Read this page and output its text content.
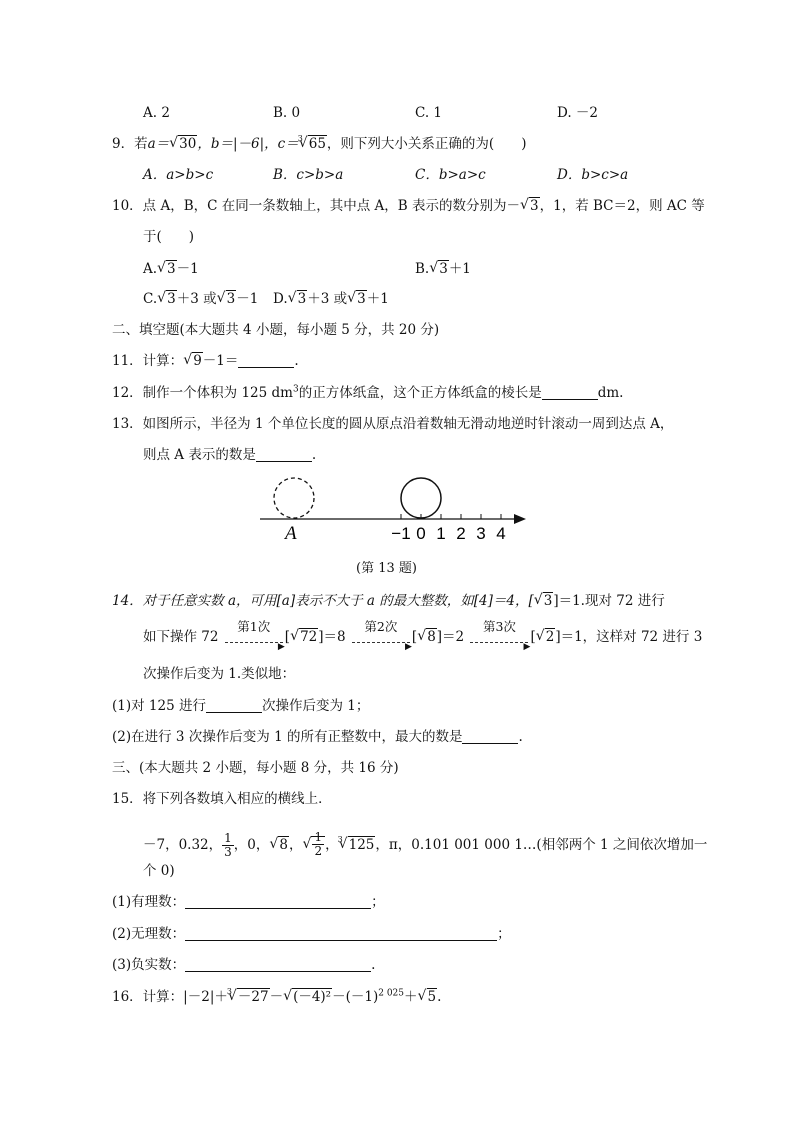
A. 2	B. 0	C. 1	D. －2
9．若a＝√ 30，b＝|－6|，c＝
√ 3 65，则下列大小关系正确的为(　　)
A．a>b>c	B．c>b>a	C．b>a>c	D．b>c>a
10．点 A，B，C 在同一条数轴上，其中点 A，B 表示的数分别为－√ 3，1，若 BC＝2，则 AC 等
于(　　)
A.√ 3－1	B.√ 3＋1
C.√ 3＋3 或√ 3－1 D.√ 3＋3 或√ 3＋1
二、填空题(本大题共 4 小题，每小题 5 分，共 20 分)
11．计算：√ 9－1＝	.
12．制作一个体积为 125 $dm^3$的正方体纸盒，这个正方体纸盒的棱长是	dm.
13．如图所示，半径为 1 个单位长度的圆从原点沿着数轴无滑动地逆时针滚动一周到达点 A，
则点 A 表示的数是	.
A	−1 0 1 2 3 4
(第 13 题)
14．对于任意实数 a，可用[a]表示不大于 a 的最大整数，如[4]＝4，[√ 3]＝1.现对 72 进行
如下操作 72
第1次
▶
[√ 72]＝8
第2次
▶
[√ 8]＝2
第3次
▶
[√ 2]＝1，这样对 72 进行 3
次操作后变为 1.类似地：
(1)对 125 进行	次操作后变为 1；
(2)在进行 3 次操作后变为 1 的所有正整数中，最大的数是	.
三、(本大题共 2 小题，每小题 8 分，共 16 分)
15．将下列各数填入相应的横线上．
－7，0.32， $\frac{1}{3}$ ，0，√ 8，
√ $\frac{1}{2}$ ，
√ 3 125，π，0.101 001 000 1…(相邻两个 1 之间依次增加一
个 0)
(1)有理数：	；
(2)无理数：	；
(3)负实数：	.
16．计算：|－2|＋
√ 3 －27－√ $(-4)^2-(-1)^{2 025}+√$ 5.
